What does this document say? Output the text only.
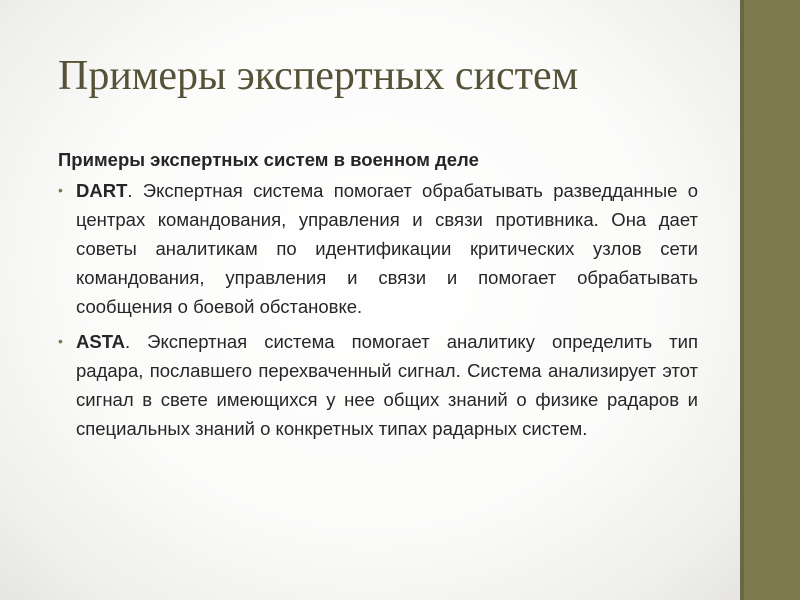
Примеры экспертных систем

Примеры экспертных систем в военном деле

• DART. Экспертная система помогает обрабатывать разведданные о центрах командования, управления и связи противника. Она дает советы аналитикам по идентификации критических узлов сети командования, управления и связи и помогает обрабатывать сообщения о боевой обстановке.
• ASTA. Экспертная система помогает аналитику определить тип радара, пославшего перехваченный сигнал. Система анализирует этот сигнал в свете имеющихся у нее общих знаний о физике радаров и специальных знаний о конкретных типах радарных систем.
